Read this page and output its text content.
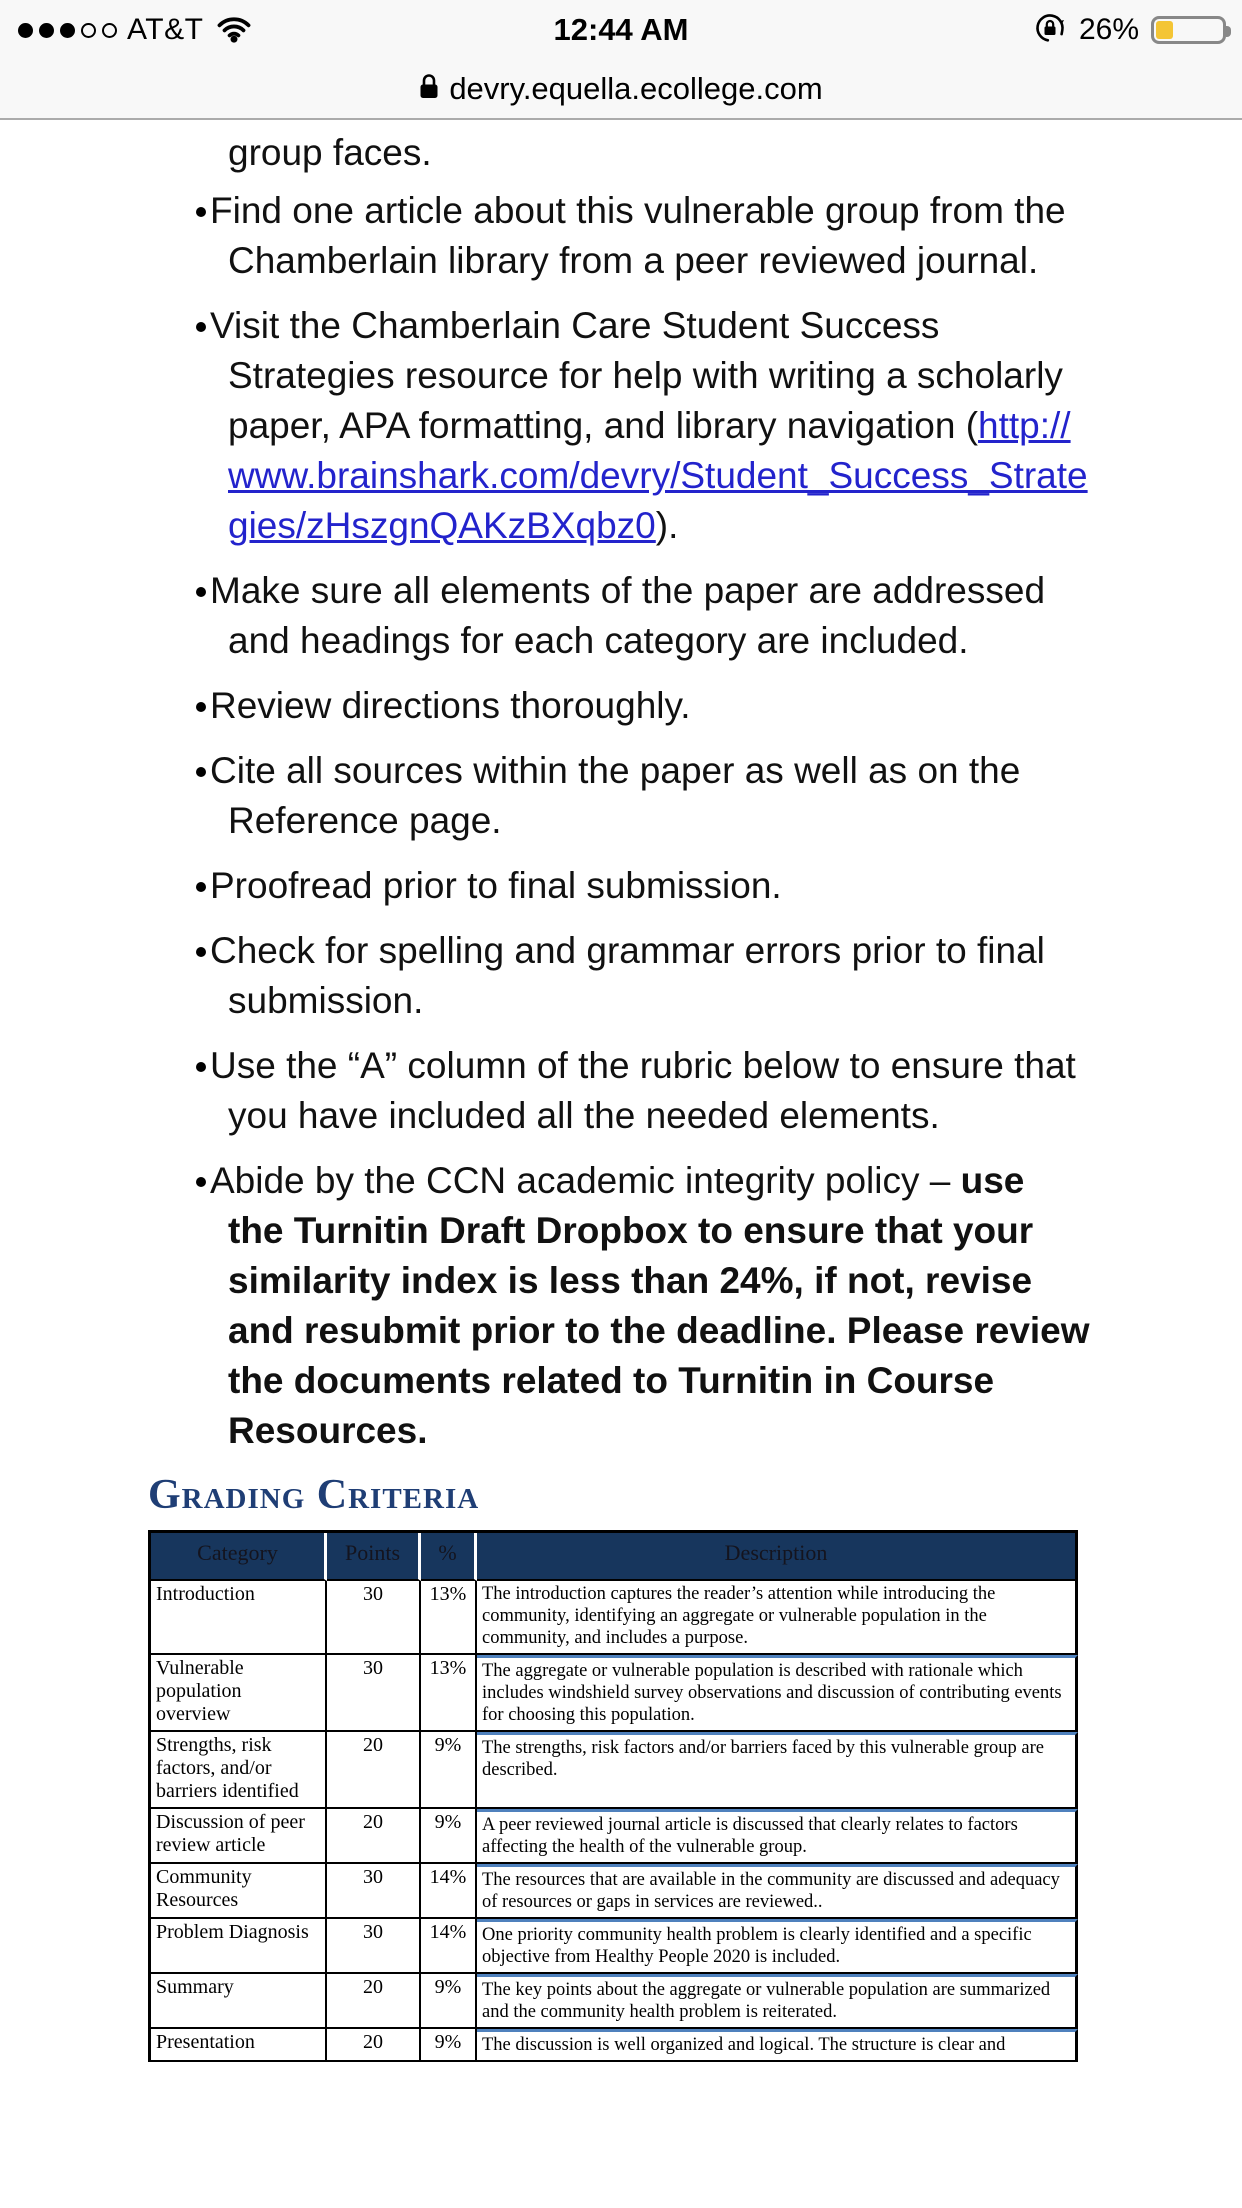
AT&T	12:44 AM	26%
devry.equella.ecollege.com
group faces.
Find one article about this vulnerable group from the Chamberlain library from a peer reviewed journal.
Visit the Chamberlain Care Student Success Strategies resource for help with writing a scholarly paper, APA formatting, and library navigation (http://www.brainshark.com/devry/Student_Success_Strategies/zHszgnQAKzBXqbz0).
Make sure all elements of the paper are addressed and headings for each category are included.
Review directions thoroughly.
Cite all sources within the paper as well as on the Reference page.
Proofread prior to final submission.
Check for spelling and grammar errors prior to final submission.
Use the “A” column of the rubric below to ensure that you have included all the needed elements.
Abide by the CCN academic integrity policy – use the Turnitin Draft Dropbox to ensure that your similarity index is less than 24%, if not, revise and resubmit prior to the deadline. Please review the documents related to Turnitin in Course Resources.
Grading Criteria
Category	Points	%	Description
Introduction	30	13%	The introduction captures the reader’s attention while introducing the community, identifying an aggregate or vulnerable population in the community, and includes a purpose.
Vulnerable population overview	30	13%	The aggregate or vulnerable population is described with rationale which includes windshield survey observations and discussion of contributing events for choosing this population.
Strengths, risk factors, and/or barriers identified	20	9%	The strengths, risk factors and/or barriers faced by this vulnerable group are described.
Discussion of peer review article	20	9%	A peer reviewed journal article is discussed that clearly relates to factors affecting the health of the vulnerable group.
Community Resources	30	14%	The resources that are available in the community are discussed and adequacy of resources or gaps in services are reviewed..
Problem Diagnosis	30	14%	One priority community health problem is clearly identified and a specific objective from Healthy People 2020 is included.
Summary	20	9%	The key points about the aggregate or vulnerable population are summarized and the community health problem is reiterated.
Presentation	20	9%	The discussion is well organized and logical. The structure is clear and
